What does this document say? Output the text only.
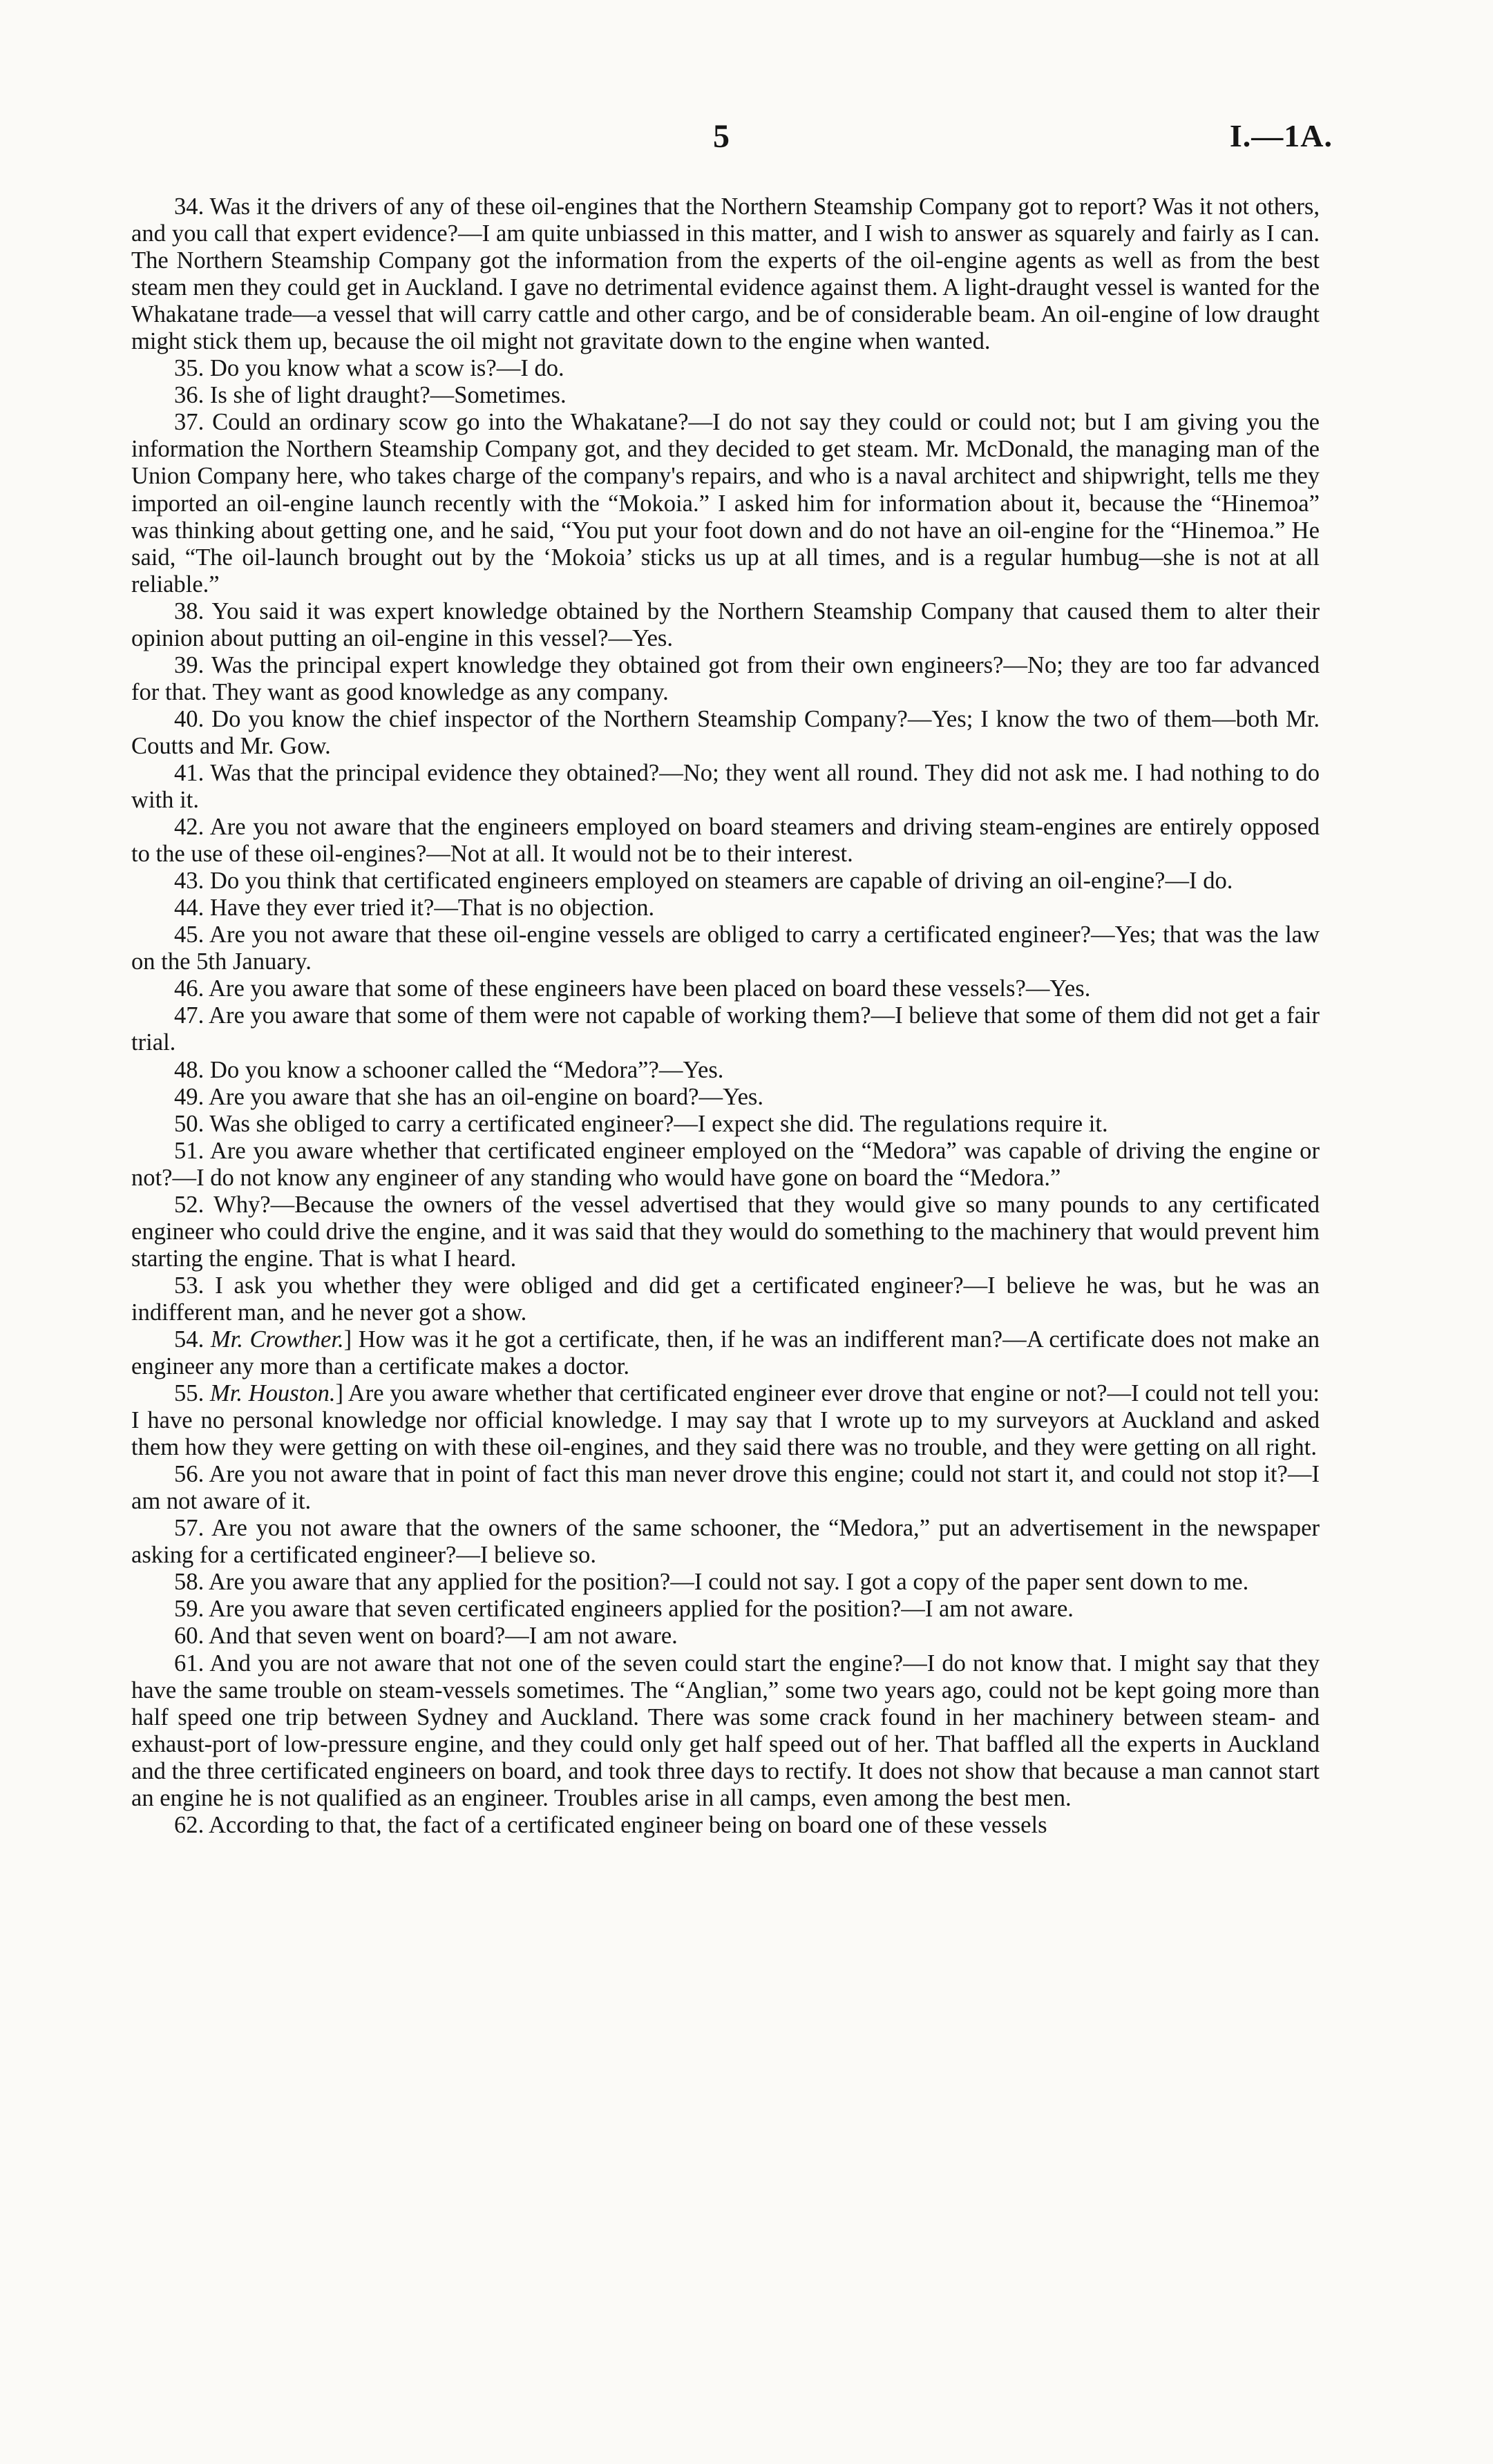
5	I.—1A.

34. Was it the drivers of any of these oil-engines that the Northern Steamship Company got to report? Was it not others, and you call that expert evidence?—I am quite unbiassed in this matter, and I wish to answer as squarely and fairly as I can. The Northern Steamship Company got the information from the experts of the oil-engine agents as well as from the best steam men they could get in Auckland. I gave no detrimental evidence against them. A light-draught vessel is wanted for the Whakatane trade—a vessel that will carry cattle and other cargo, and be of considerable beam. An oil-engine of low draught might stick them up, because the oil might not gravitate down to the engine when wanted.

35. Do you know what a scow is?—I do.

36. Is she of light draught?—Sometimes.

37. Could an ordinary scow go into the Whakatane?—I do not say they could or could not; but I am giving you the information the Northern Steamship Company got, and they decided to get steam. Mr. McDonald, the managing man of the Union Company here, who takes charge of the company's repairs, and who is a naval architect and shipwright, tells me they imported an oil-engine launch recently with the “Mokoia.” I asked him for information about it, because the “Hinemoa” was thinking about getting one, and he said, “You put your foot down and do not have an oil-engine for the “Hinemoa.” He said, “The oil-launch brought out by the ‘Mokoia’ sticks us up at all times, and is a regular humbug—she is not at all reliable.”

38. You said it was expert knowledge obtained by the Northern Steamship Company that caused them to alter their opinion about putting an oil-engine in this vessel?—Yes.

39. Was the principal expert knowledge they obtained got from their own engineers?—No; they are too far advanced for that. They want as good knowledge as any company.

40. Do you know the chief inspector of the Northern Steamship Company?—Yes; I know the two of them—both Mr. Coutts and Mr. Gow.

41. Was that the principal evidence they obtained?—No; they went all round. They did not ask me. I had nothing to do with it.

42. Are you not aware that the engineers employed on board steamers and driving steam-engines are entirely opposed to the use of these oil-engines?—Not at all. It would not be to their interest.

43. Do you think that certificated engineers employed on steamers are capable of driving an oil-engine?—I do.

44. Have they ever tried it?—That is no objection.

45. Are you not aware that these oil-engine vessels are obliged to carry a certificated engineer?—Yes; that was the law on the 5th January.

46. Are you aware that some of these engineers have been placed on board these vessels?—Yes.

47. Are you aware that some of them were not capable of working them?—I believe that some of them did not get a fair trial.

48. Do you know a schooner called the “Medora”?—Yes.

49. Are you aware that she has an oil-engine on board?—Yes.

50. Was she obliged to carry a certificated engineer?—I expect she did. The regulations require it.

51. Are you aware whether that certificated engineer employed on the “Medora” was capable of driving the engine or not?—I do not know any engineer of any standing who would have gone on board the “Medora.”

52. Why?—Because the owners of the vessel advertised that they would give so many pounds to any certificated engineer who could drive the engine, and it was said that they would do something to the machinery that would prevent him starting the engine. That is what I heard.

53. I ask you whether they were obliged and did get a certificated engineer?—I believe he was, but he was an indifferent man, and he never got a show.

54. Mr. Crowther.] How was it he got a certificate, then, if he was an indifferent man?—A certificate does not make an engineer any more than a certificate makes a doctor.

55. Mr. Houston.] Are you aware whether that certificated engineer ever drove that engine or not?—I could not tell you: I have no personal knowledge nor official knowledge. I may say that I wrote up to my surveyors at Auckland and asked them how they were getting on with these oil-engines, and they said there was no trouble, and they were getting on all right.

56. Are you not aware that in point of fact this man never drove this engine; could not start it, and could not stop it?—I am not aware of it.

57. Are you not aware that the owners of the same schooner, the “Medora,” put an advertisement in the newspaper asking for a certificated engineer?—I believe so.

58. Are you aware that any applied for the position?—I could not say. I got a copy of the paper sent down to me.

59. Are you aware that seven certificated engineers applied for the position?—I am not aware.

60. And that seven went on board?—I am not aware.

61. And you are not aware that not one of the seven could start the engine?—I do not know that. I might say that they have the same trouble on steam-vessels sometimes. The “Anglian,” some two years ago, could not be kept going more than half speed one trip between Sydney and Auckland. There was some crack found in her machinery between steam- and exhaust-port of low-pressure engine, and they could only get half speed out of her. That baffled all the experts in Auckland and the three certificated engineers on board, and took three days to rectify. It does not show that because a man cannot start an engine he is not qualified as an engineer. Troubles arise in all camps, even among the best men.

62. According to that, the fact of a certificated engineer being on board one of these vessels
